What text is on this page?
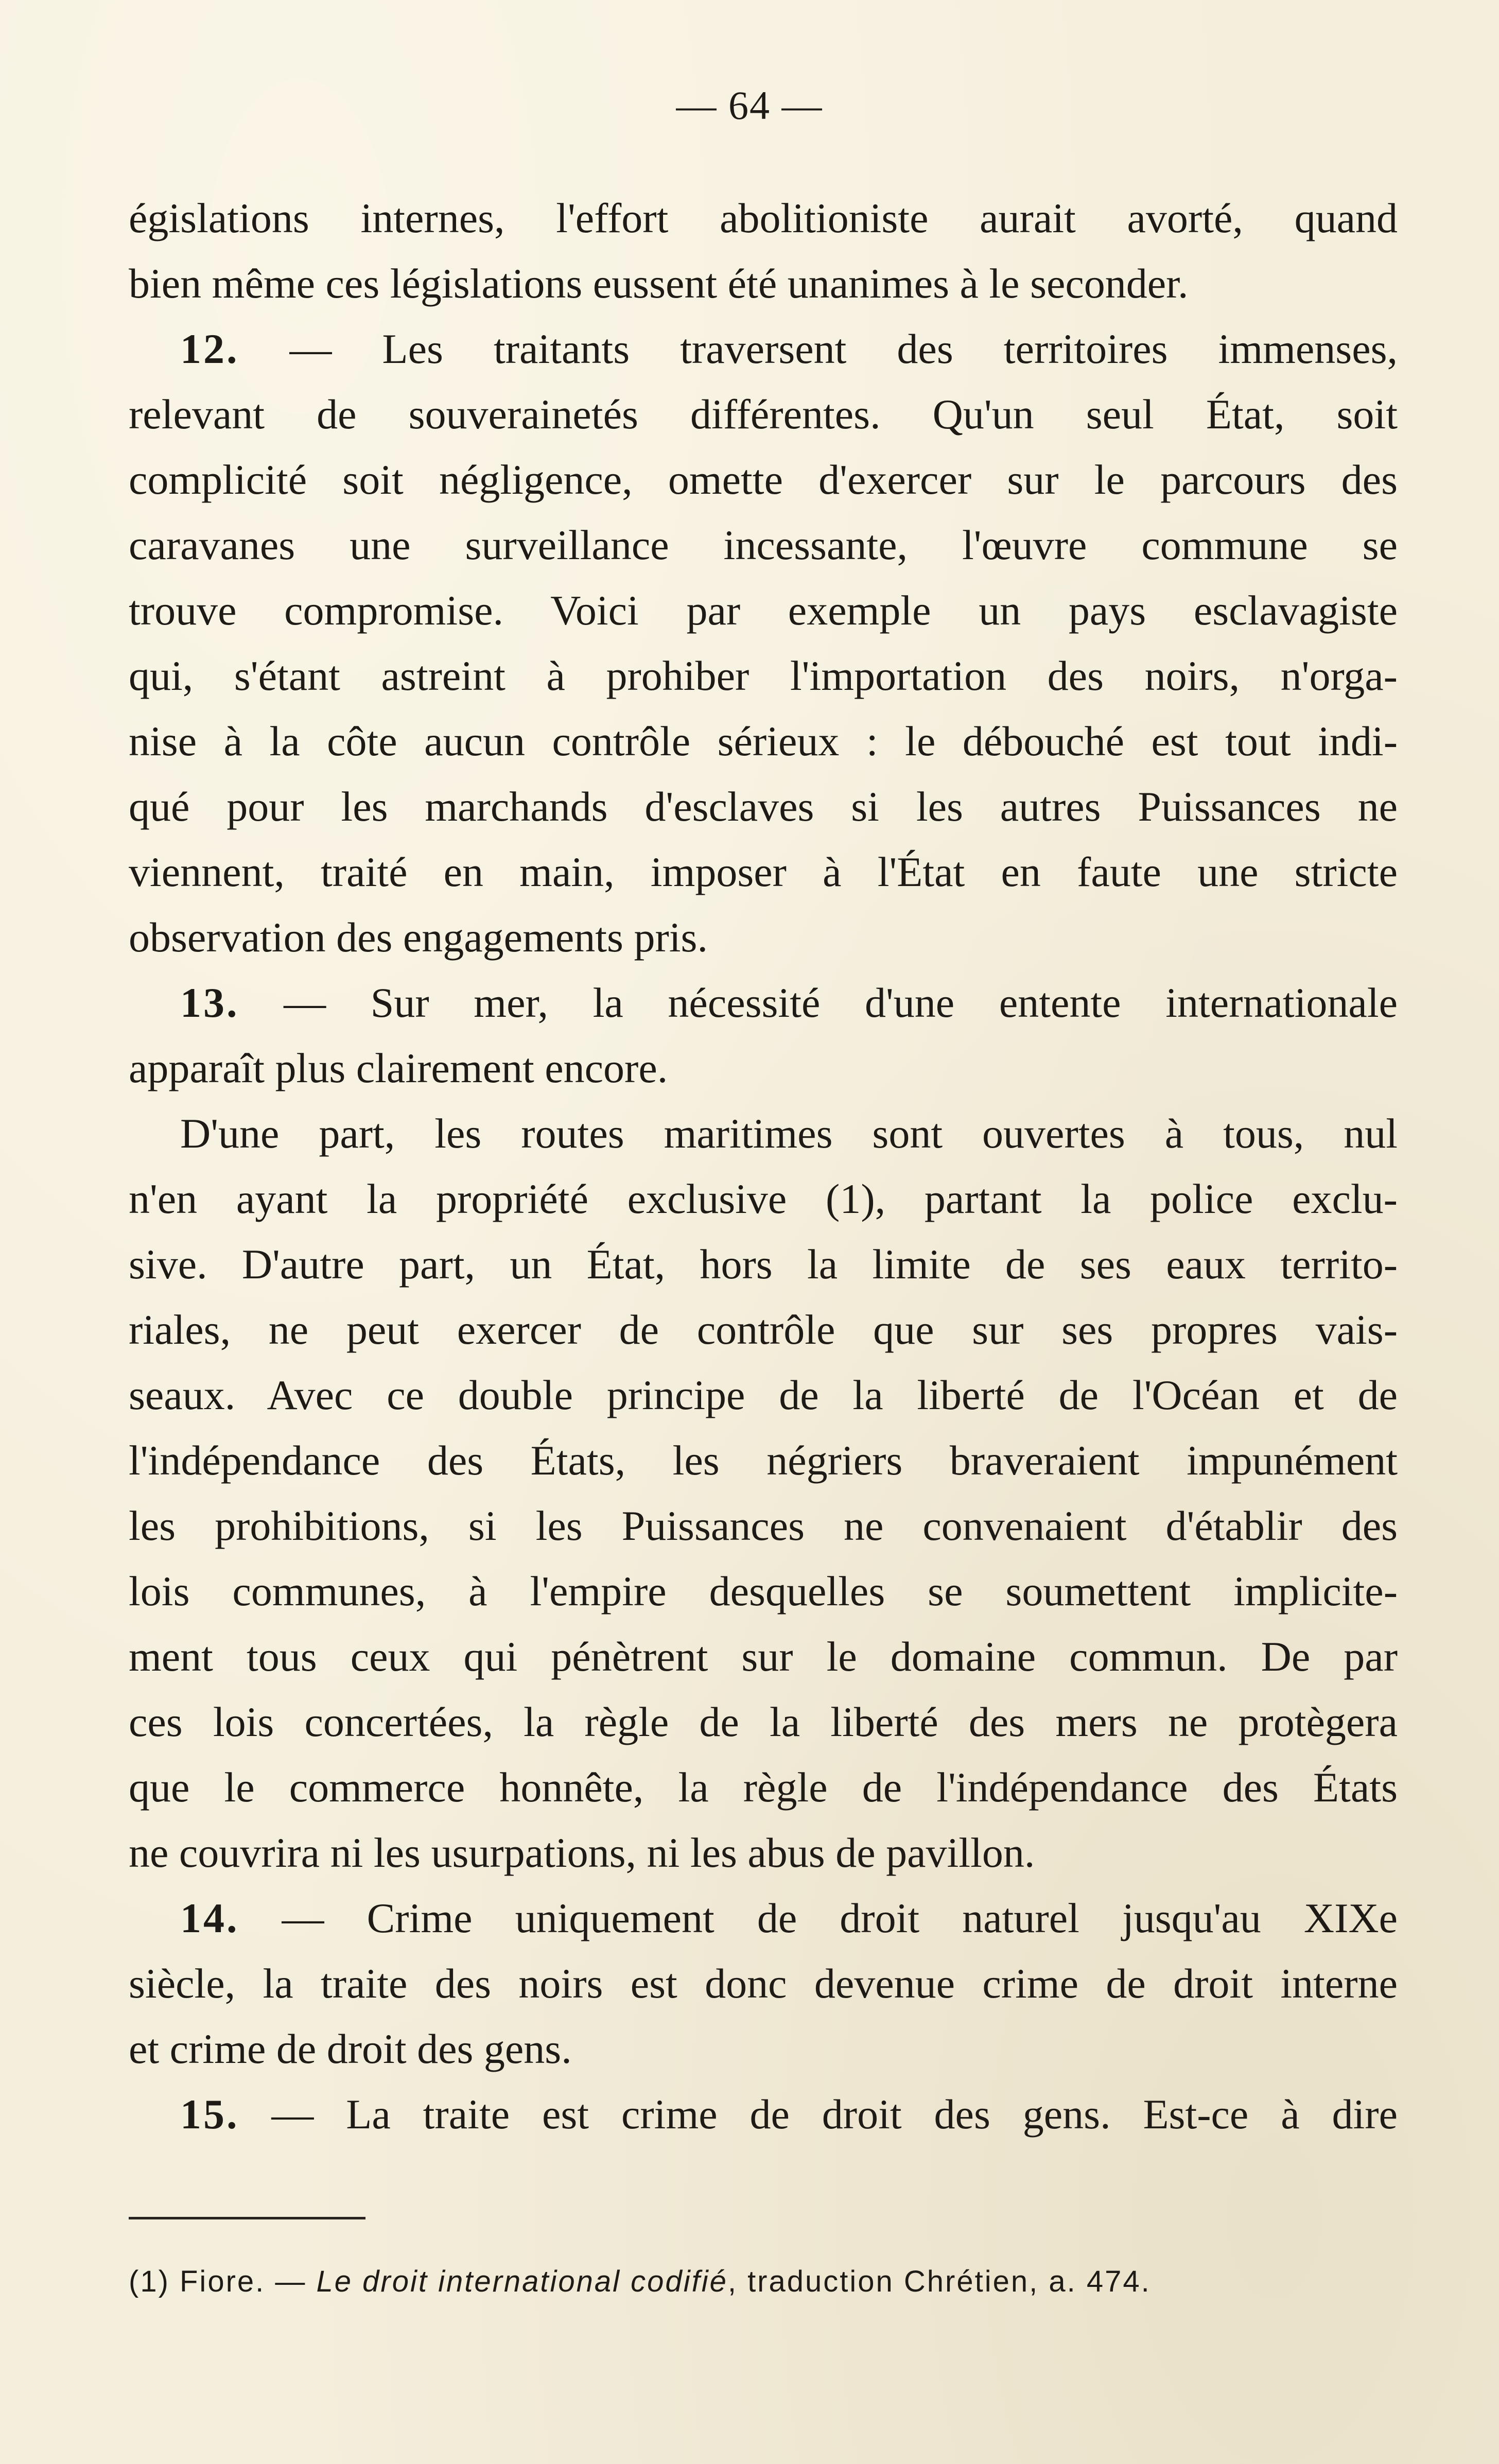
— 64 —
égislations internes, l'effort abolitioniste aurait avorté, quand
bien même ces législations eussent été unanimes à le seconder.
12. — Les traitants traversent des territoires immenses,
relevant de souverainetés différentes. Qu'un seul État, soit
complicité soit négligence, omette d'exercer sur le parcours des
caravanes une surveillance incessante, l'œuvre commune se
trouve compromise. Voici par exemple un pays esclavagiste
qui, s'étant astreint à prohiber l'importation des noirs, n'orga-
nise à la côte aucun contrôle sérieux : le débouché est tout indi-
qué pour les marchands d'esclaves si les autres Puissances ne
viennent, traité en main, imposer à l'État en faute une stricte
observation des engagements pris.
13. — Sur mer, la nécessité d'une entente internationale
apparaît plus clairement encore.
D'une part, les routes maritimes sont ouvertes à tous, nul
n'en ayant la propriété exclusive (1), partant la police exclu-
sive. D'autre part, un État, hors la limite de ses eaux territo-
riales, ne peut exercer de contrôle que sur ses propres vais-
seaux. Avec ce double principe de la liberté de l'Océan et de
l'indépendance des États, les négriers braveraient impunément
les prohibitions, si les Puissances ne convenaient d'établir des
lois communes, à l'empire desquelles se soumettent implicite-
ment tous ceux qui pénètrent sur le domaine commun. De par
ces lois concertées, la règle de la liberté des mers ne protègera
que le commerce honnête, la règle de l'indépendance des États
ne couvrira ni les usurpations, ni les abus de pavillon.
14. — Crime uniquement de droit naturel jusqu'au XIXe
siècle, la traite des noirs est donc devenue crime de droit interne
et crime de droit des gens.
15. — La traite est crime de droit des gens. Est-ce à dire
(1) Fiore. — Le droit international codifié, traduction Chrétien, a. 474.
